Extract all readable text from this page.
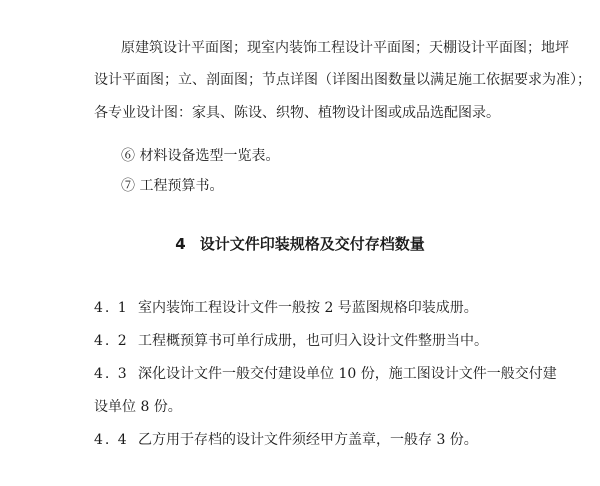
原建筑设计平面图；现室内装饰工程设计平面图；天棚设计平面图；地坪
设计平面图；立、剖面图；节点详图（详图出图数量以满足施工依据要求为准）；
各专业设计图：家具、陈设、织物、植物设计图或成品选配图录。
⑥ 材料设备选型一览表。
⑦ 工程预算书。
4 设计文件印装规格及交付存档数量
4. 1 室内装饰工程设计文件一般按 2 号蓝图规格印装成册。
4. 2 工程概预算书可单行成册，也可归入设计文件整册当中。
4. 3 深化设计文件一般交付建设单位 10 份，施工图设计文件一般交付建
设单位 8 份。
4. 4 乙方用于存档的设计文件须经甲方盖章，一般存 3 份。
